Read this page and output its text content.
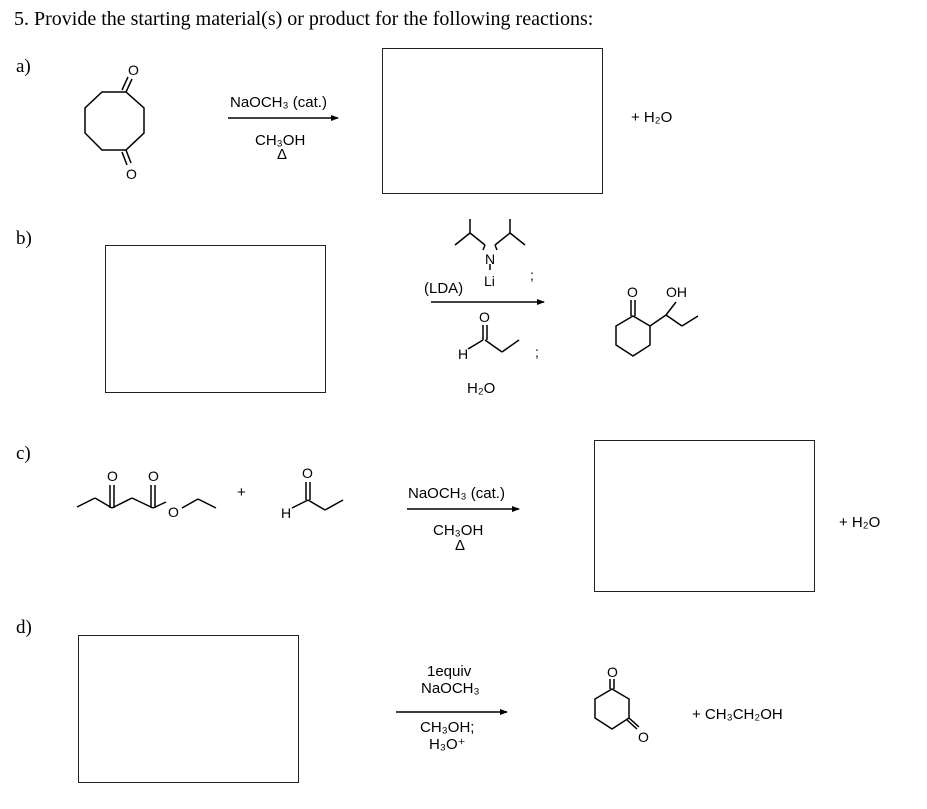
5. Provide the starting material(s) or product for the following reactions:
a)
b)
c)
d)
NaOCH₃ (cat.)
CH₃OH
Δ
+ H₂O
(LDA)
H₂O
NaOCH₃ (cat.)
CH₃OH
Δ
+ H₂O
+
1equiv
NaOCH₃
CH₃OH;
H₃O⁺
+ CH₃CH₂OH
O
O
N
Li	;
O
H	;
O OH
O O
O
O
H
O
O
